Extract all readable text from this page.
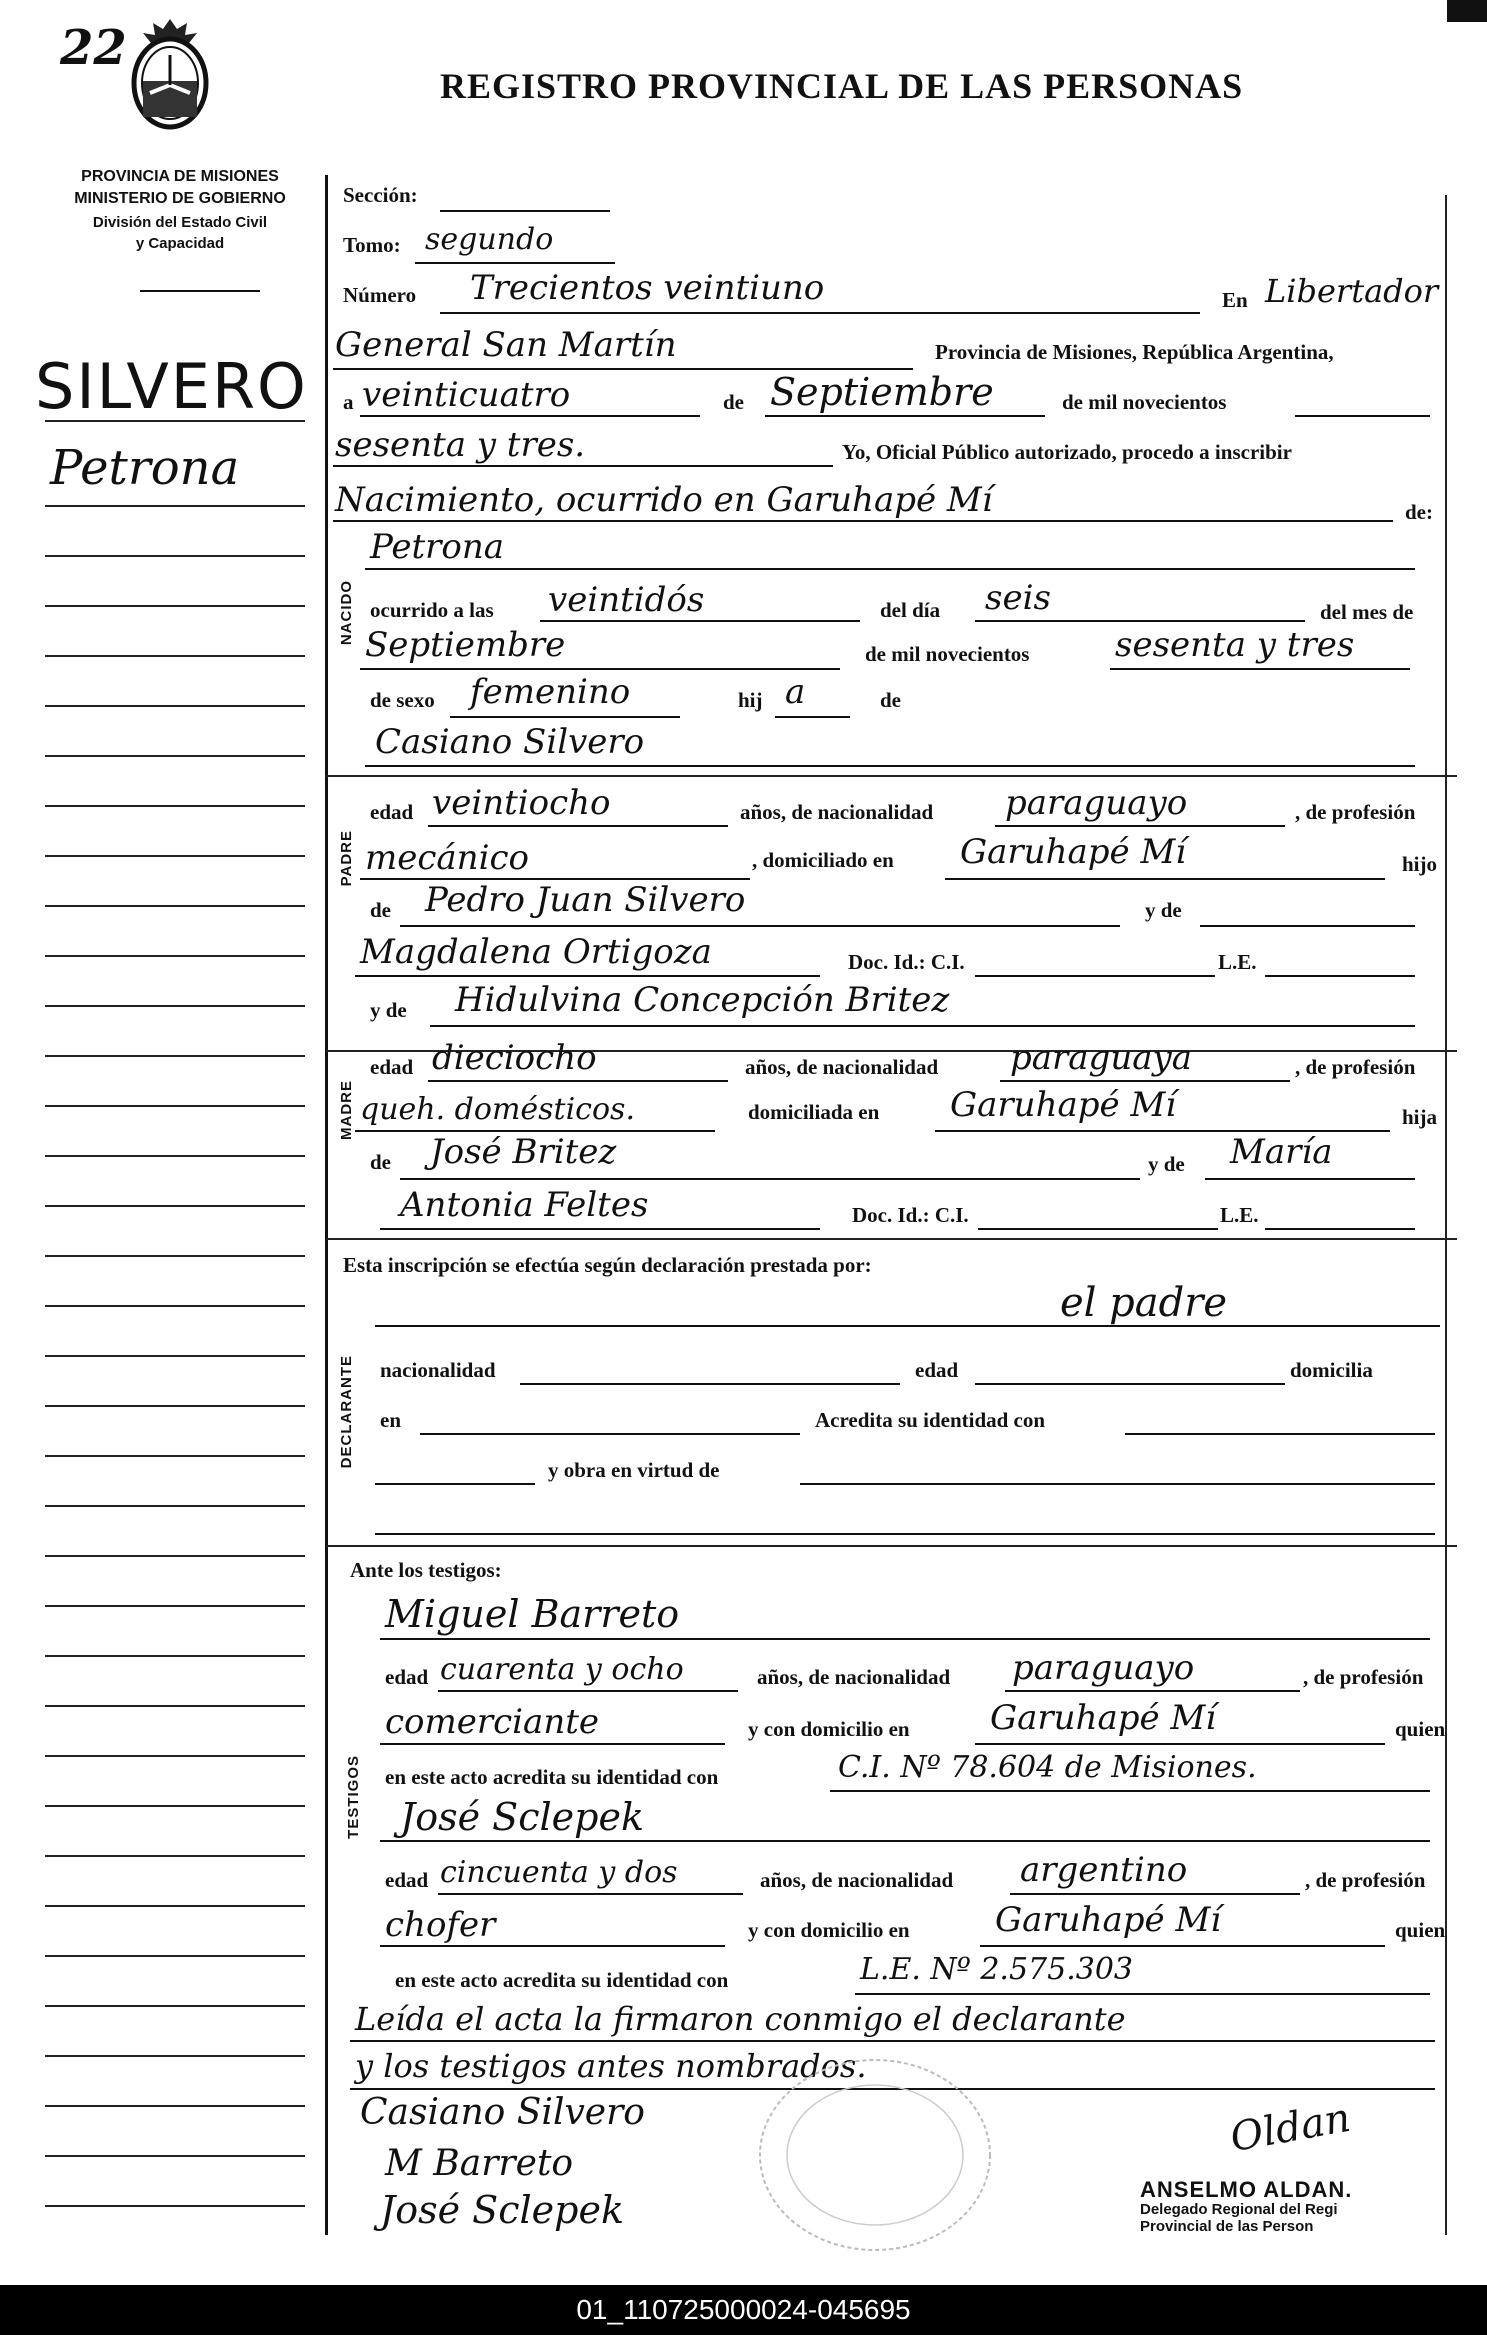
22
REGISTRO PROVINCIAL DE LAS PERSONAS
PROVINCIA DE MISIONES
MINISTERIO DE GOBIERNO
División del Estado Civil
y Capacidad
SILVERO
Petrona
Sección:
Tomo: segundo
Número Trecientos veintiuno	En Libertador
General San Martín	Provincia de Misiones, República Argentina,
a veinticuatro	de Septiembre	de mil novecientos
sesenta y tres.	Yo, Oficial Público autorizado, procedo a inscribir
Nacimiento, ocurrido en Garuhapé Mí	de:
NACIDO
Petrona
ocurrido a las veintidós	del día seis	del mes de
Septiembre	de mil novecientos	sesenta y tres
de sexo femenino	hij a	de
PADRE
Casiano Silvero
edad veintiocho	años, de nacionalidad paraguayo	, de profesión
mecánico	, domiciliado en Garuhapé Mí	hijo
de Pedro Juan Silvero	y de
Magdalena Ortigoza	Doc. Id.: C.I.	L.E.
MADRE
y de Hidulvina Concepción Britez
edad dieciocho	años, de nacionalidad paraguaya	, de profesión
queh. domésticos.	domiciliada en Garuhapé Mí	hija
de José Britez	y de María
Antonia Feltes	Doc. Id.: C.I.	L.E.
Esta inscripción se efectúa según declaración prestada por:
DECLARANTE
el padre
nacionalidad	edad	domicilia
en	Acredita su identidad con
y obra en virtud de
Ante los testigos:
TESTIGOS
Miguel Barreto
edad cuarenta y ocho	años, de nacionalidad paraguayo	, de profesión
comerciante	y con domicilio en Garuhapé Mí	quien
en este acto acredita su identidad con	C.I. Nº 78.604 de Misiones.
José Sclepek
edad cincuenta y dos	años, de nacionalidad argentino	, de profesión
chofer	y con domicilio en	Garuhapé Mí	quien
en este acto acredita su identidad con	L.E. Nº 2.575.303
Leída el acta la firmaron conmigo el declarante
y los testigos antes nombrados.
Casiano Silvero
M Barreto
José Sclepek
Oldan
ANSELMO ALDAN.
Delegado Regional del Regi
Provincial de las Person
01_110725000024-045695
